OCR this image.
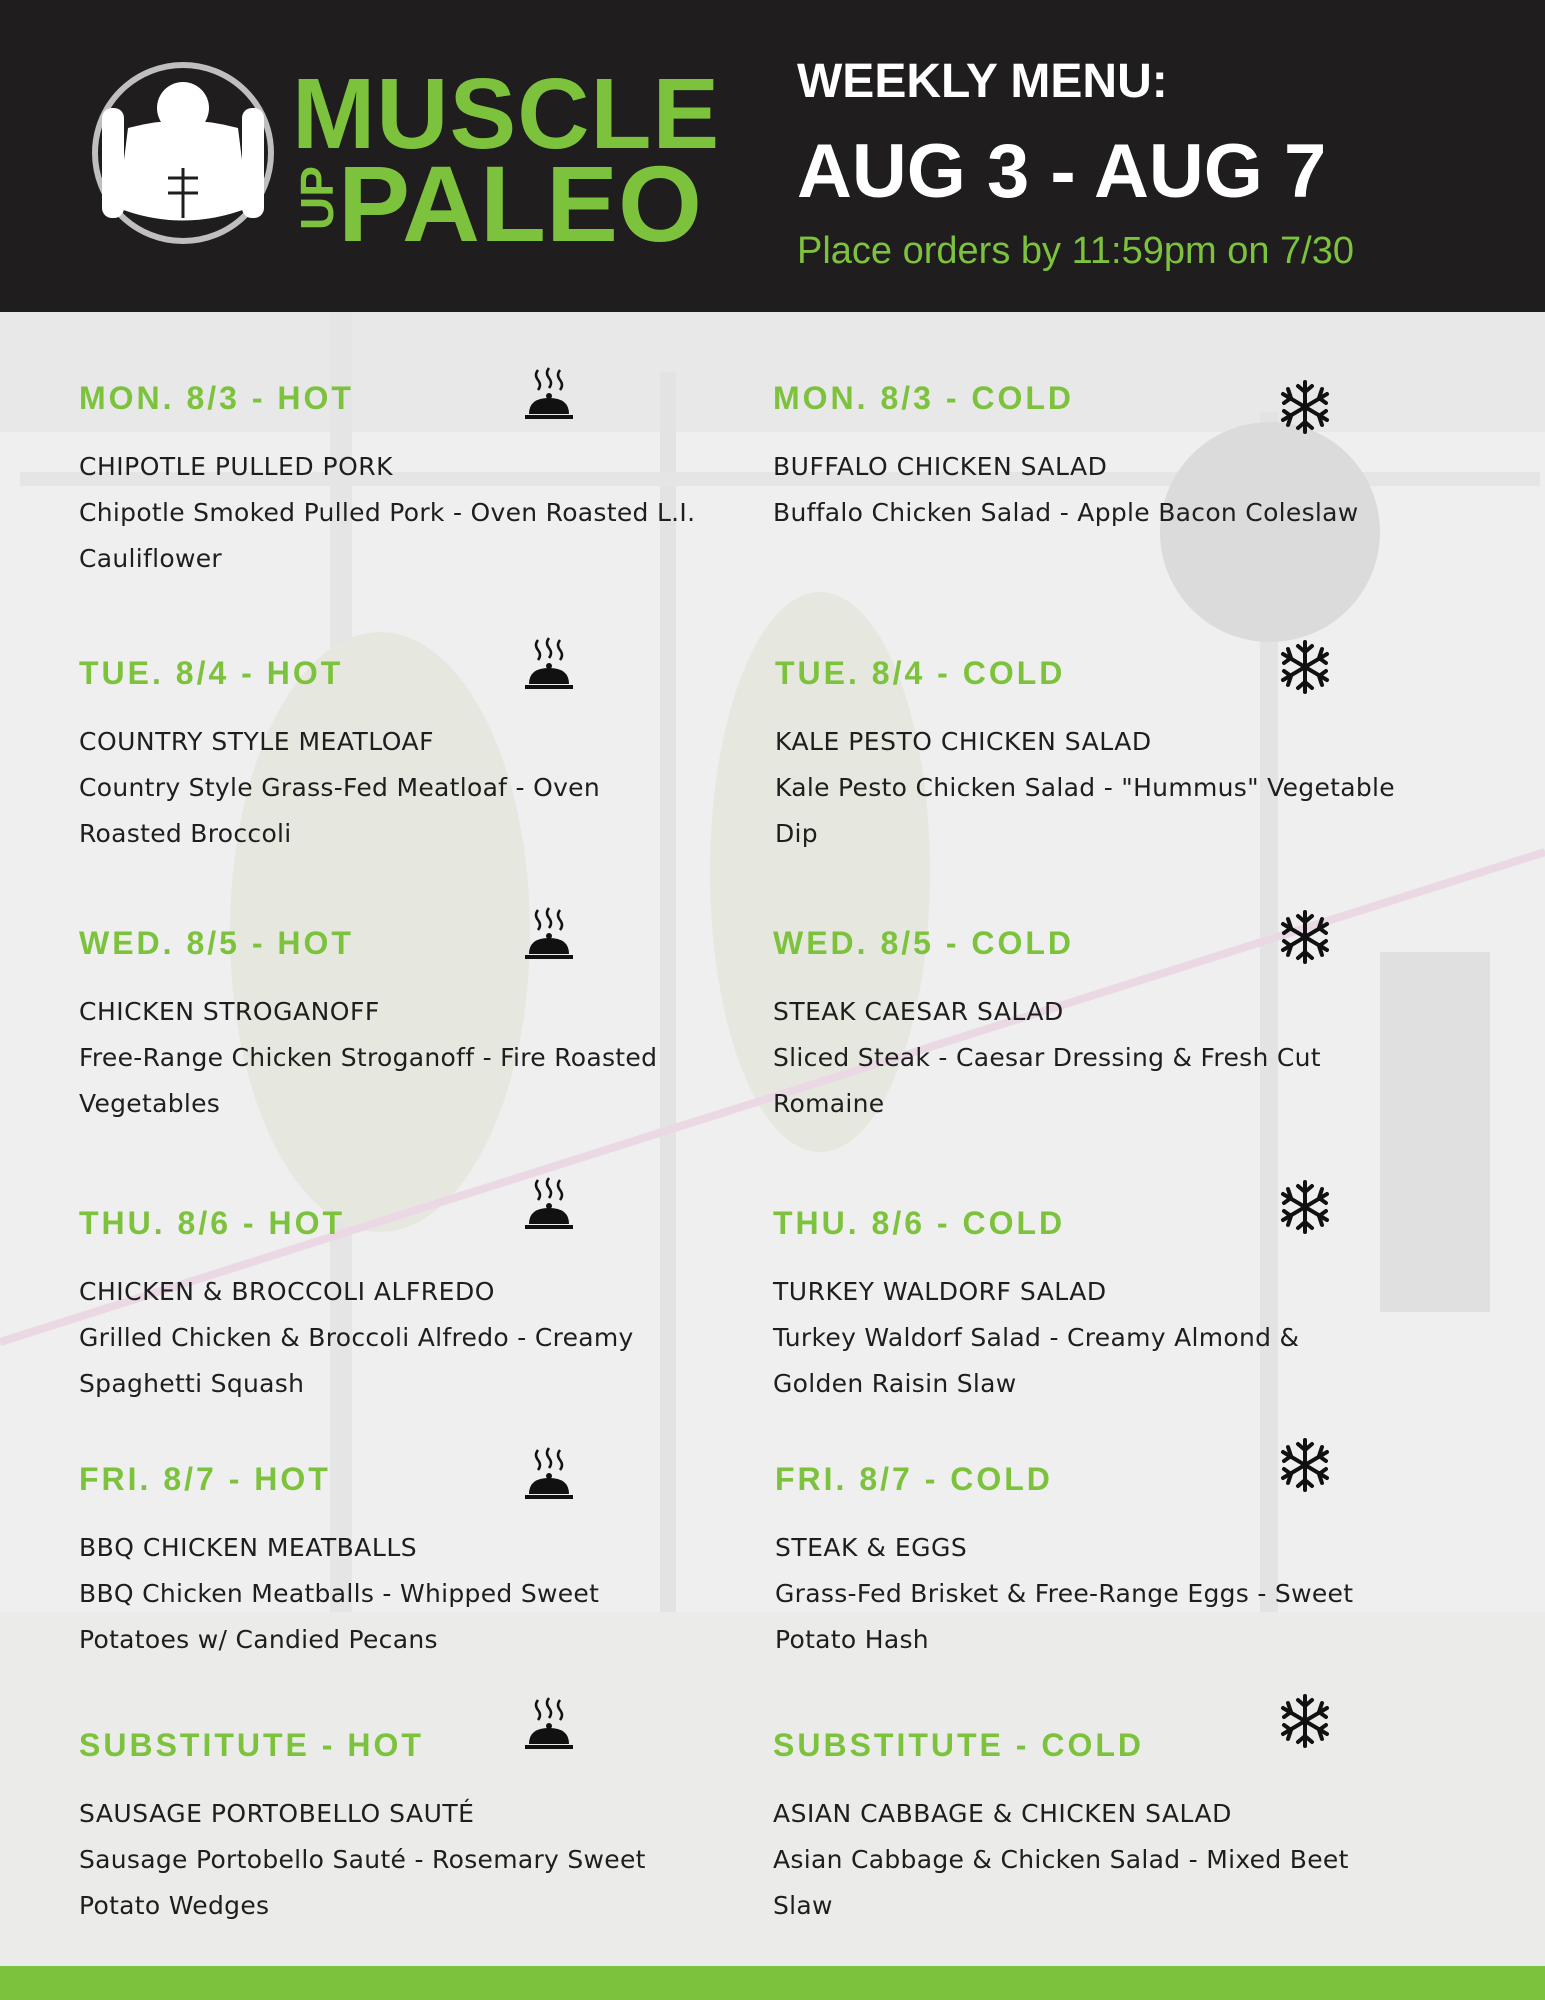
MUSCLE
UP
PALEO
WEEKLY MENU:
AUG 3 - AUG 7
Place orders by 11:59pm on 7/30
MON. 8/3 - HOT
CHIPOTLE PULLED PORK
Chipotle Smoked Pulled Pork - Oven Roasted L.I. Cauliflower
TUE. 8/4 - HOT
COUNTRY STYLE MEATLOAF
Country Style Grass-Fed Meatloaf - Oven Roasted Broccoli
WED. 8/5 - HOT
CHICKEN STROGANOFF
Free-Range Chicken Stroganoff - Fire Roasted Vegetables
THU. 8/6 - HOT
CHICKEN & BROCCOLI ALFREDO
Grilled Chicken & Broccoli Alfredo - Creamy Spaghetti Squash
FRI. 8/7 - HOT
BBQ CHICKEN MEATBALLS
BBQ Chicken Meatballs - Whipped Sweet Potatoes w/ Candied Pecans
SUBSTITUTE - HOT
SAUSAGE PORTOBELLO SAUTÉ
Sausage Portobello Sauté - Rosemary Sweet Potato Wedges
MON. 8/3 - COLD
BUFFALO CHICKEN SALAD
Buffalo Chicken Salad - Apple Bacon Coleslaw
TUE. 8/4 - COLD
KALE PESTO CHICKEN SALAD
Kale Pesto Chicken Salad - "Hummus" Vegetable Dip
WED. 8/5 - COLD
STEAK CAESAR SALAD
Sliced Steak - Caesar Dressing & Fresh Cut Romaine
THU. 8/6 - COLD
TURKEY WALDORF SALAD
Turkey Waldorf Salad - Creamy Almond & Golden Raisin Slaw
FRI. 8/7 - COLD
STEAK & EGGS
Grass-Fed Brisket & Free-Range Eggs - Sweet Potato Hash
SUBSTITUTE - COLD
ASIAN CABBAGE & CHICKEN SALAD
Asian Cabbage & Chicken Salad - Mixed Beet Slaw
